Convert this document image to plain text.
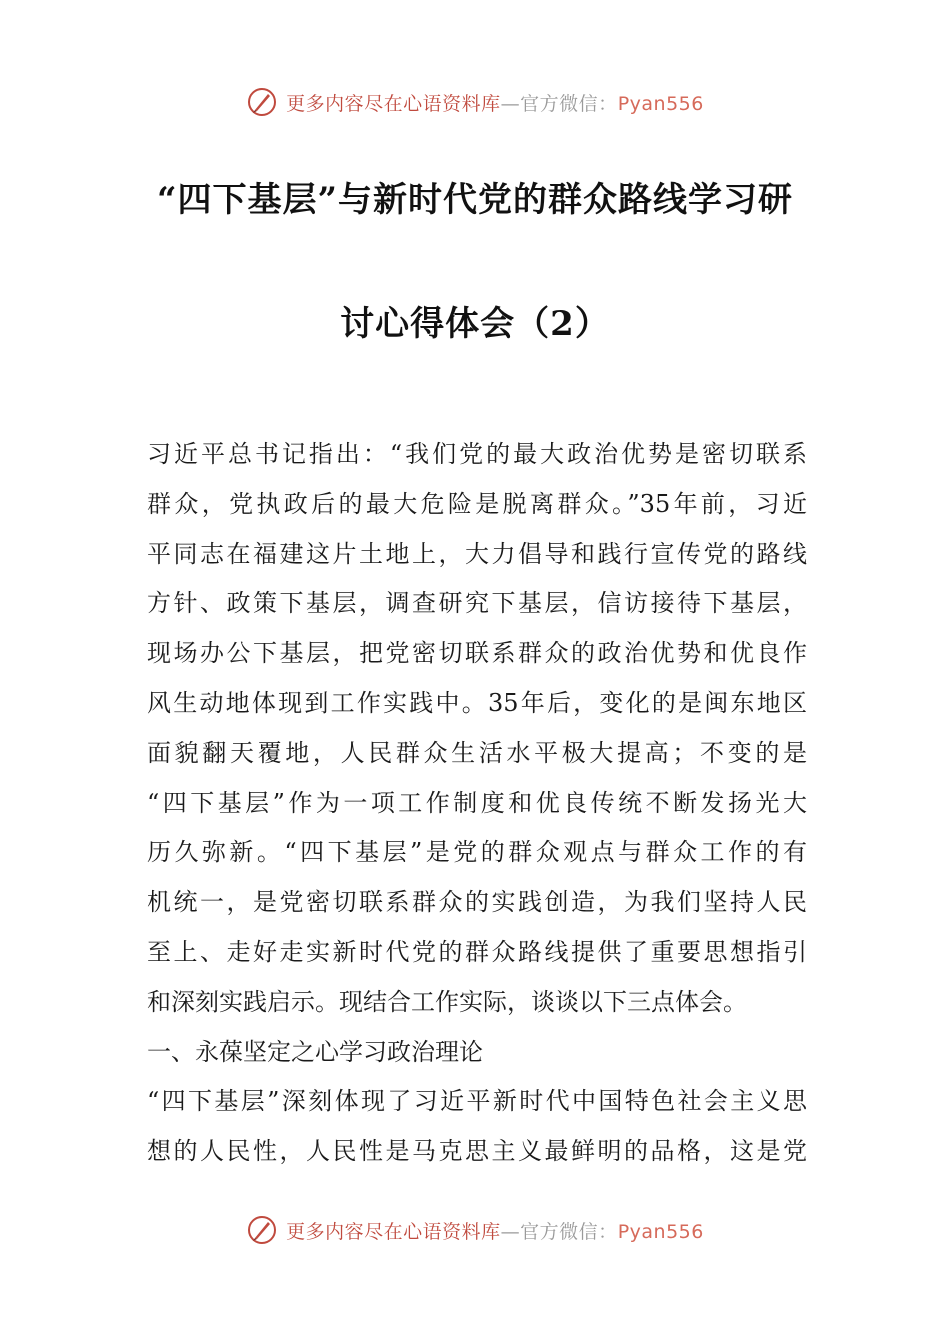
更多内容尽在心语资料库—官方微信：Pyan556
“四下基层”与新时代党的群众路线学习研
讨心得体会（2）
习近平总书记指出：“我们党的最大政治优势是密切联系
群众，党执政后的最大危险是脱离群众。”35年前，习近
平同志在福建这片土地上，大力倡导和践行宣传党的路线
方针、政策下基层，调查研究下基层，信访接待下基层，
现场办公下基层，把党密切联系群众的政治优势和优良作
风生动地体现到工作实践中。35年后，变化的是闽东地区
面貌翻天覆地，人民群众生活水平极大提高；不变的是
“四下基层”作为一项工作制度和优良传统不断发扬光大
历久弥新。“四下基层”是党的群众观点与群众工作的有
机统一，是党密切联系群众的实践创造，为我们坚持人民
至上、走好走实新时代党的群众路线提供了重要思想指引
和深刻实践启示。现结合工作实际，谈谈以下三点体会。
一、永葆坚定之心学习政治理论
“四下基层”深刻体现了习近平新时代中国特色社会主义思
想的人民性，人民性是马克思主义最鲜明的品格，这是党
更多内容尽在心语资料库—官方微信：Pyan556
